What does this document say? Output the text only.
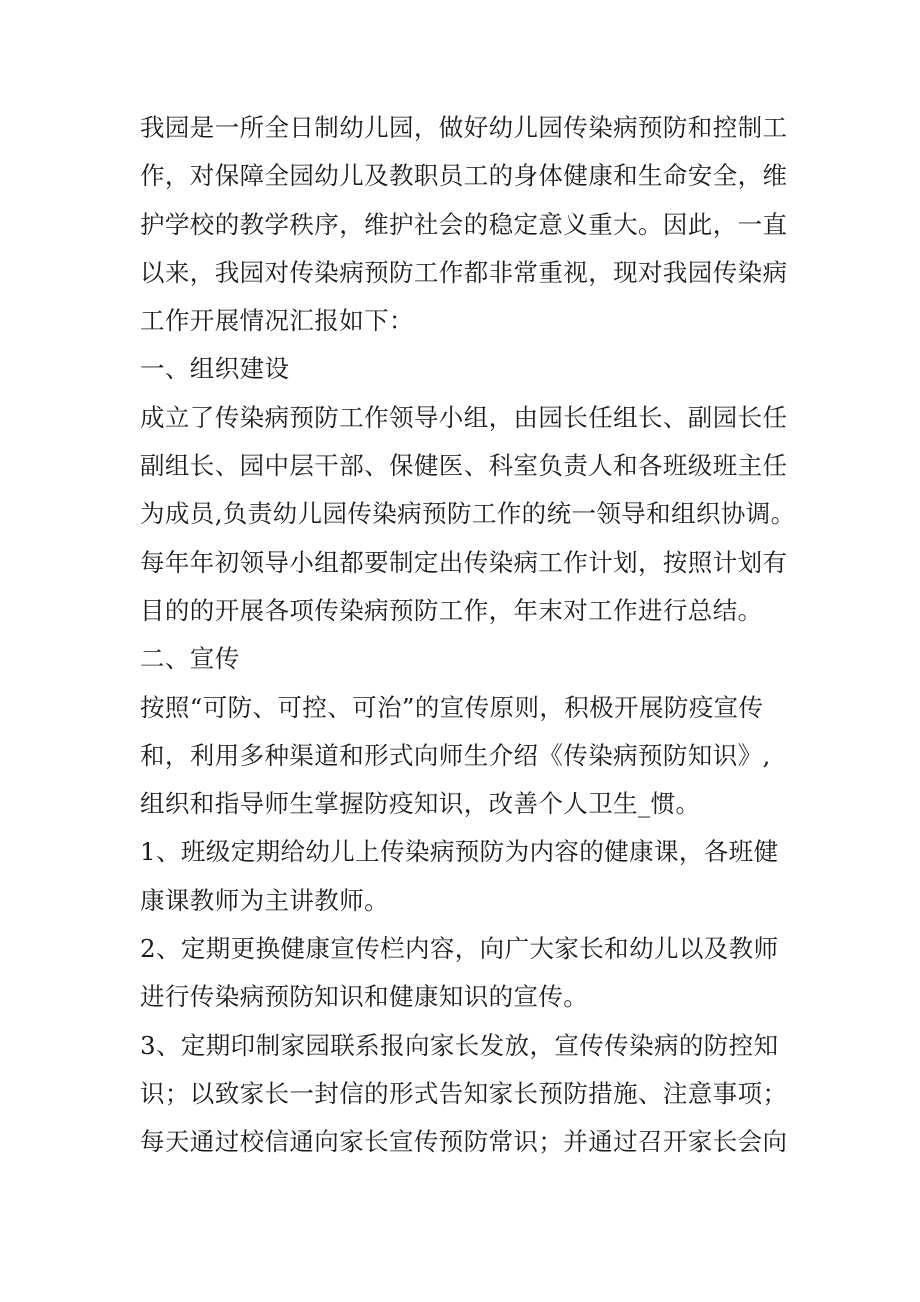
我园是一所全日制幼儿园，做好幼儿园传染病预防和控制工
作，对保障全园幼儿及教职员工的身体健康和生命安全，维
护学校的教学秩序，维护社会的稳定意义重大。因此，一直
以来，我园对传染病预防工作都非常重视，现对我园传染病
工作开展情况汇报如下：
一、组织建设
成立了传染病预防工作领导小组，由园长任组长、副园长任
副组长、园中层干部、保健医、科室负责人和各班级班主任
为成员,负责幼儿园传染病预防工作的统一领导和组织协调。
每年年初领导小组都要制定出传染病工作计划，按照计划有
目的的开展各项传染病预防工作，年末对工作进行总结。
二、宣传
按照“可防、可控、可治”的宣传原则，积极开展防疫宣传
和，利用多种渠道和形式向师生介绍《传染病预防知识》,
组织和指导师生掌握防疫知识，改善个人卫生_惯。
1、班级定期给幼儿上传染病预防为内容的健康课，各班健
康课教师为主讲教师。
2、定期更换健康宣传栏内容，向广大家长和幼儿以及教师
进行传染病预防知识和健康知识的宣传。
3、定期印制家园联系报向家长发放，宣传传染病的防控知
识；以致家长一封信的形式告知家长预防措施、注意事项；
每天通过校信通向家长宣传预防常识；并通过召开家长会向
